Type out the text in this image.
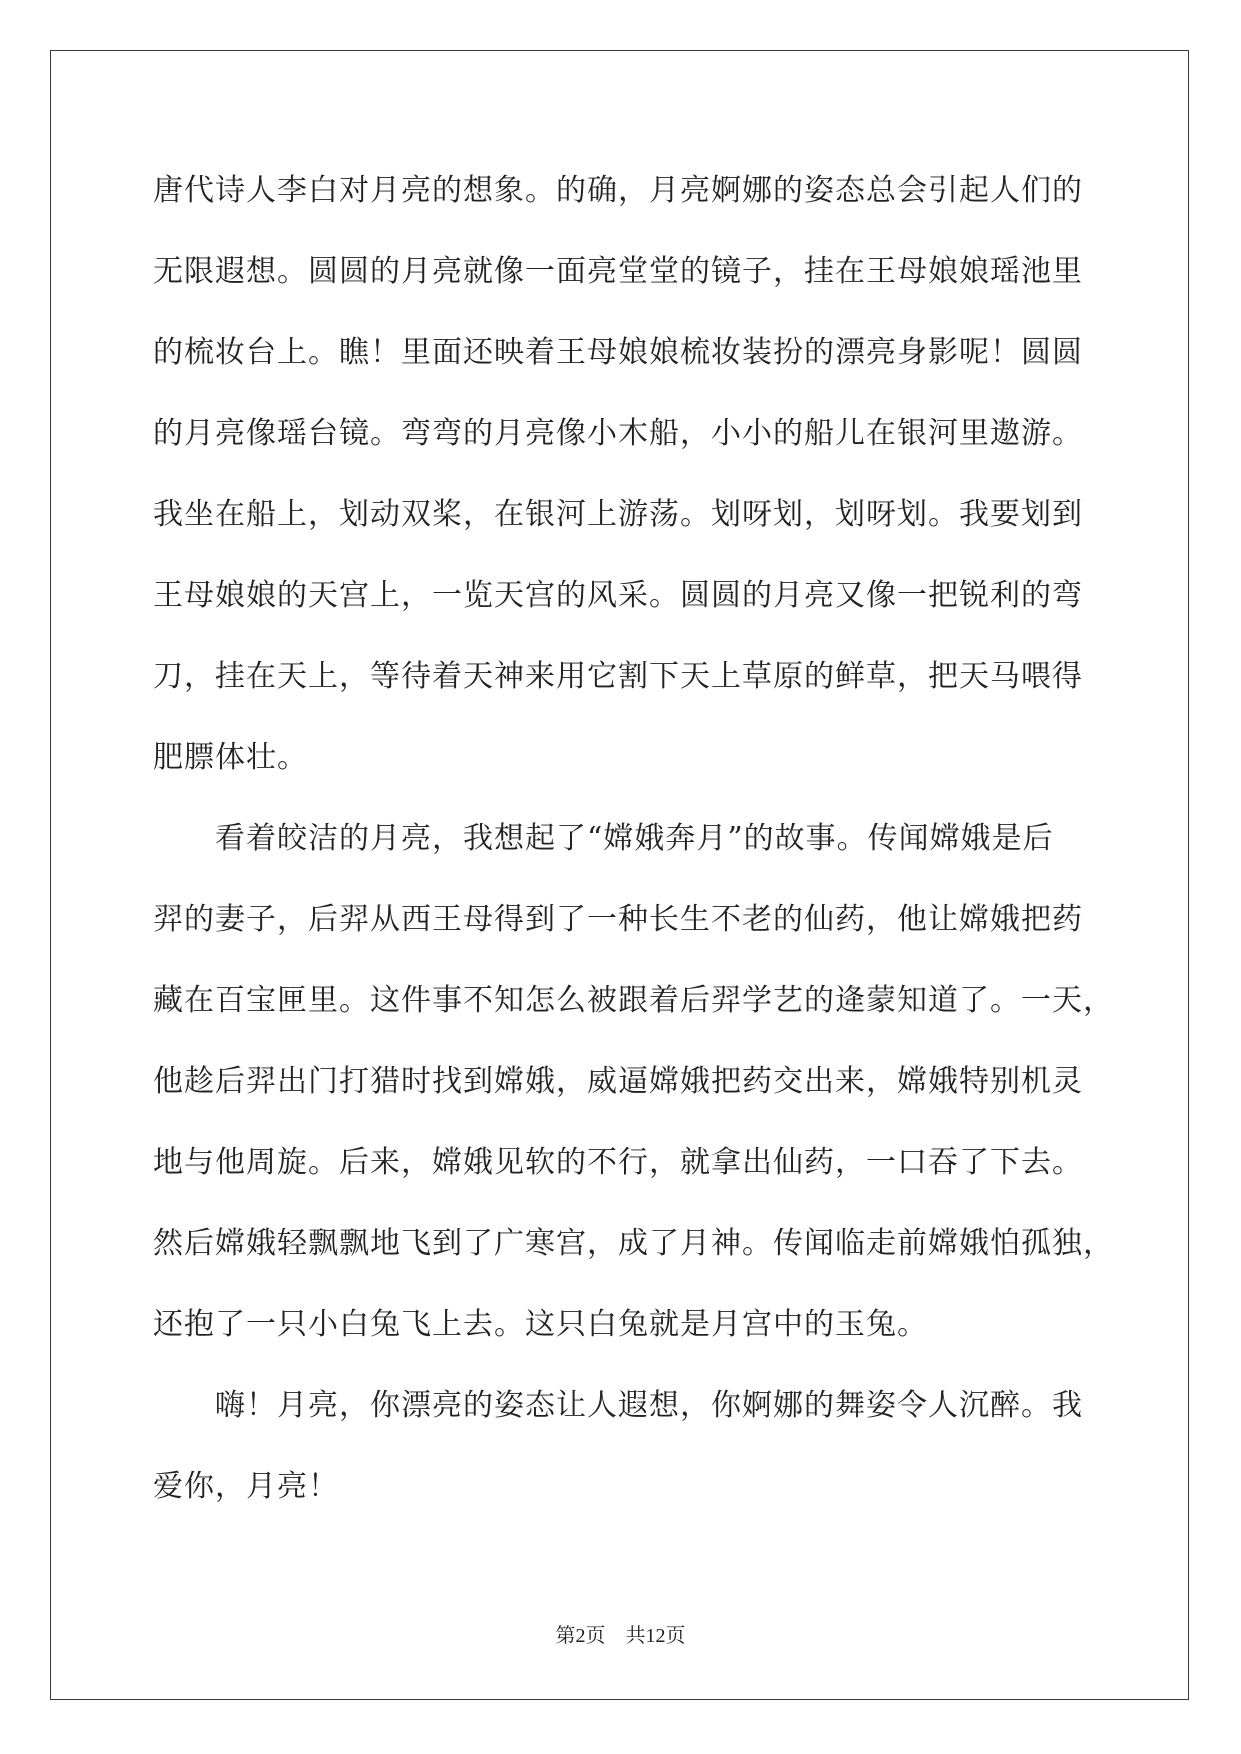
唐代诗人李白对月亮的想象。的确，月亮婀娜的姿态总会引起人们的
无限遐想。圆圆的月亮就像一面亮堂堂的镜子，挂在王母娘娘瑶池里
的梳妆台上。瞧！里面还映着王母娘娘梳妆装扮的漂亮身影呢！圆圆
的月亮像瑶台镜。弯弯的月亮像小木船，小小的船儿在银河里遨游。
我坐在船上，划动双桨，在银河上游荡。划呀划，划呀划。我要划到
王母娘娘的天宫上，一览天宫的风采。圆圆的月亮又像一把锐利的弯
刀，挂在天上，等待着天神来用它割下天上草原的鲜草，把天马喂得
肥膘体壮。
看着皎洁的月亮，我想起了“嫦娥奔月”的故事。传闻嫦娥是后
羿的妻子，后羿从西王母得到了一种长生不老的仙药，他让嫦娥把药
藏在百宝匣里。这件事不知怎么被跟着后羿学艺的逄蒙知道了。一天，
他趁后羿出门打猎时找到嫦娥，威逼嫦娥把药交出来，嫦娥特别机灵
地与他周旋。后来，嫦娥见软的不行，就拿出仙药，一口吞了下去。
然后嫦娥轻飘飘地飞到了广寒宫，成了月神。传闻临走前嫦娥怕孤独，
还抱了一只小白兔飞上去。这只白兔就是月宫中的玉兔。
嗨！月亮，你漂亮的姿态让人遐想，你婀娜的舞姿令人沉醉。我
爱你，月亮！
第2页　共12页
